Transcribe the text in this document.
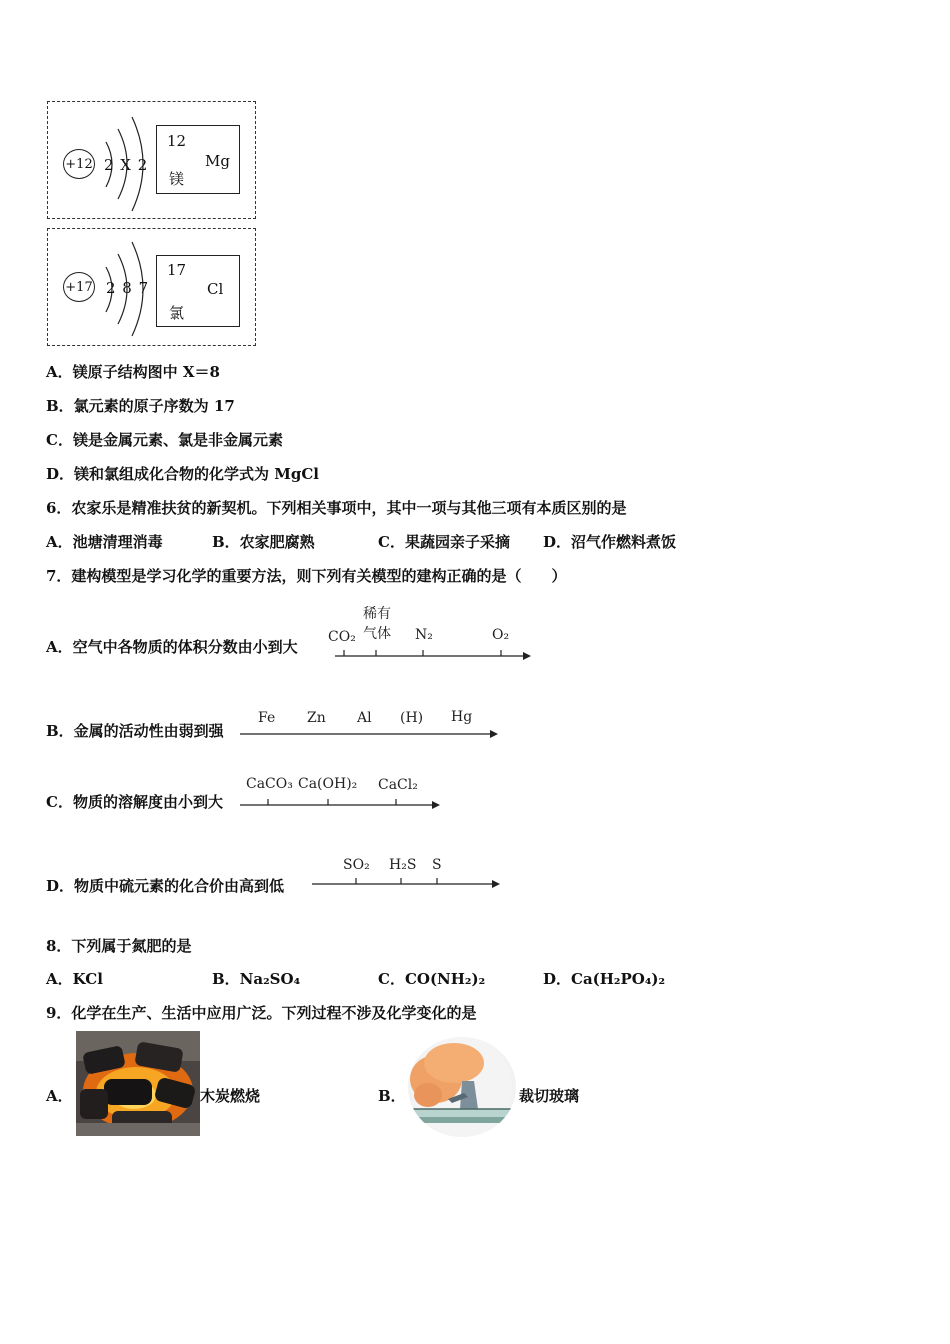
+12 2 X 2
12
Mg
镁
+17 2 8 7
17
Cl
氯
A．镁原子结构图中 X＝8
B．氯元素的原子序数为 17
C．镁是金属元素、氯是非金属元素
D．镁和氯组成化合物的化学式为 MgCl
6．农家乐是精准扶贫的新契机。下列相关事项中，其中一项与其他三项有本质区别的是
A．池塘清理消毒	B．农家肥腐熟	C．果蔬园亲子采摘 D．沼气作燃料煮饭
7．建构模型是学习化学的重要方法，则下列有关模型的建构正确的是（　　）
A．空气中各物质的体积分数由小到大
CO₂
稀有
气体 N₂	O₂
B．金属的活动性由弱到强
Fe Zn Al (H) Hg
C．物质的溶解度由小到大
CaCO₃ Ca(OH)₂ CaCl₂
D．物质中硫元素的化合价由高到低
SO₂ H₂S S
8．下列属于氮肥的是
A．KCl	B．Na₂SO₄	C．CO(NH₂)₂	D．Ca(H₂PO₄)₂
9．化学在生产、生活中应用广泛。下列过程不涉及化学变化的是
A．	木炭燃烧	B．	裁切玻璃
